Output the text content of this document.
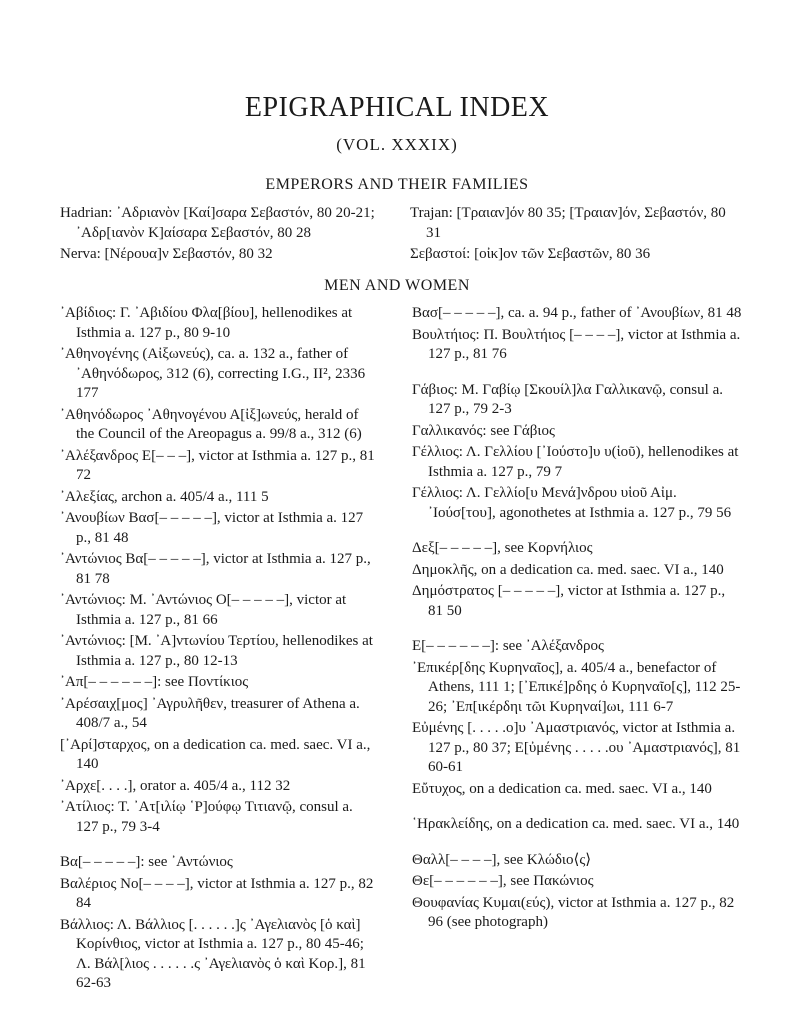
EPIGRAPHICAL INDEX
(VOL. XXXIX)
EMPERORS AND THEIR FAMILIES
Hadrian: ᾿Αδριανὸν [Καί]σαρα Σεβαστόν, 80 20-21; ᾿Αδρ[ιανὸν Κ]αίσαρα Σεβαστόν, 80 28
Nerva: [Νέρουα]ν Σεβαστόν, 80 32
Trajan: [Τραιαν]όν 80 35; [Τραιαν]όν, Σεβαστόν, 80 31
Σεβαστοί: [οἰκ]ον τῶν Σεβαστῶν, 80 36
MEN AND WOMEN
᾿Αβίδιος: Γ. ᾿Αβιδίου Φλα[βίου], hellenodikes at Isthmia a. 127 p., 80 9-10
᾿Αθηνογένης (Αἰξωνεύς), ca. a. 132 a., father of ᾿Αθηνόδωρος, 312 (6), correcting I.G., II², 2336 177
᾿Αθηνόδωρος ᾿Αθηνογένου Α[ἰξ]ωνεύς, herald of the Council of the Areopagus a. 99/8 a., 312 (6)
᾿Αλέξανδρος Ε[– – –], victor at Isthmia a. 127 p., 81 72
᾿Αλεξίας, archon a. 405/4 a., 111 5
᾿Ανουβίων Βασ[– – – – –], victor at Isthmia a. 127 p., 81 48
᾿Αντώνιος Βα[– – – – –], victor at Isthmia a. 127 p., 81 78
᾿Αντώνιος: Μ. ᾿Αντώνιος Ο[– – – – –], victor at Isthmia a. 127 p., 81 66
᾿Αντώνιος: [Μ. ᾿Α]ντωνίου Τερτίου, hellenodikes at Isthmia a. 127 p., 80 12-13
᾿Απ[– – – – – –]: see Ποντίκιος
᾿Αρέσαιχ[μος] ᾿Αγρυλῆθεν, treasurer of Athena a. 408/7 a., 54
[᾿Αρί]σταρχος, on a dedication ca. med. saec. VI a., 140
᾿Αρχε[. . . .], orator a. 405/4 a., 112 32
᾿Ατίλιος: Τ. ᾿Ατ[ιλίῳ ῾Ρ]ούφῳ Τιτιανῷ, consul a. 127 p., 79 3-4
Βα[– – – – –]: see ᾿Αντώνιος
Βαλέριος Νο[– – – –], victor at Isthmia a. 127 p., 82 84
Βάλλιος: Λ. Βάλλιος [. . . . . .]ς ᾿Αγελιανὸς [ὁ καὶ] Κορίνθιος, victor at Isthmia a. 127 p., 80 45-46; Λ. Βάλ[λιος . . . . . .ς ᾿Αγελιανὸς ὁ καὶ Κορ.], 81 62-63
Βασ[– – – – –], ca. a. 94 p., father of ᾿Ανουβίων, 81 48
Βουλτήιος: Π. Βουλτήιος [– – – –], victor at Isthmia a. 127 p., 81 76
Γάβιος: Μ. Γαβίῳ [Σκουίλ]λα Γαλλικανῷ, consul a. 127 p., 79 2-3
Γαλλικανός: see Γάβιος
Γέλλιος: Λ. Γελλίου [᾿Ιούστο]υ υ(ἱοῦ), hellenodikes at Isthmia a. 127 p., 79 7
Γέλλιος: Λ. Γελλίο[υ Μενά]νδρου υἱοῦ Αἰμ. ᾿Ιούσ[του], agonothetes at Isthmia a. 127 p., 79 56
Δεξ[– – – – –], see Κορνήλιος
Δημοκλῆς, on a dedication ca. med. saec. VI a., 140
Δημόστρατος [– – – – –], victor at Isthmia a. 127 p., 81 50
Ε[– – – – – –]: see ᾿Αλέξανδρος
᾿Επικέρ[δης Κυρηναῖος], a. 405/4 a., benefactor of Athens, 111 1; [᾿Επικέ]ρδης ὁ Κυρηναῖο[ς], 112 25-26; ᾿Επ[ικέρδηι τῶι Κυρηναί]ωι, 111 6-7
Εὐμένης [. . . . .ο]υ ᾿Αμαστριανός, victor at Isthmia a. 127 p., 80 37; Ε[ὐμένης . . . . .ου ᾿Αμαστριανός], 81 60-61
Εὔτυχος, on a dedication ca. med. saec. VI a., 140
῾Ηρακλείδης, on a dedication ca. med. saec. VI a., 140
Θαλλ[– – – –], see Κλώδιο⟨ς⟩
Θε[– – – – – –], see Πακώνιος
Θουφανίας Κυμαι(εύς), victor at Isthmia a. 127 p., 82 96 (see photograph)
